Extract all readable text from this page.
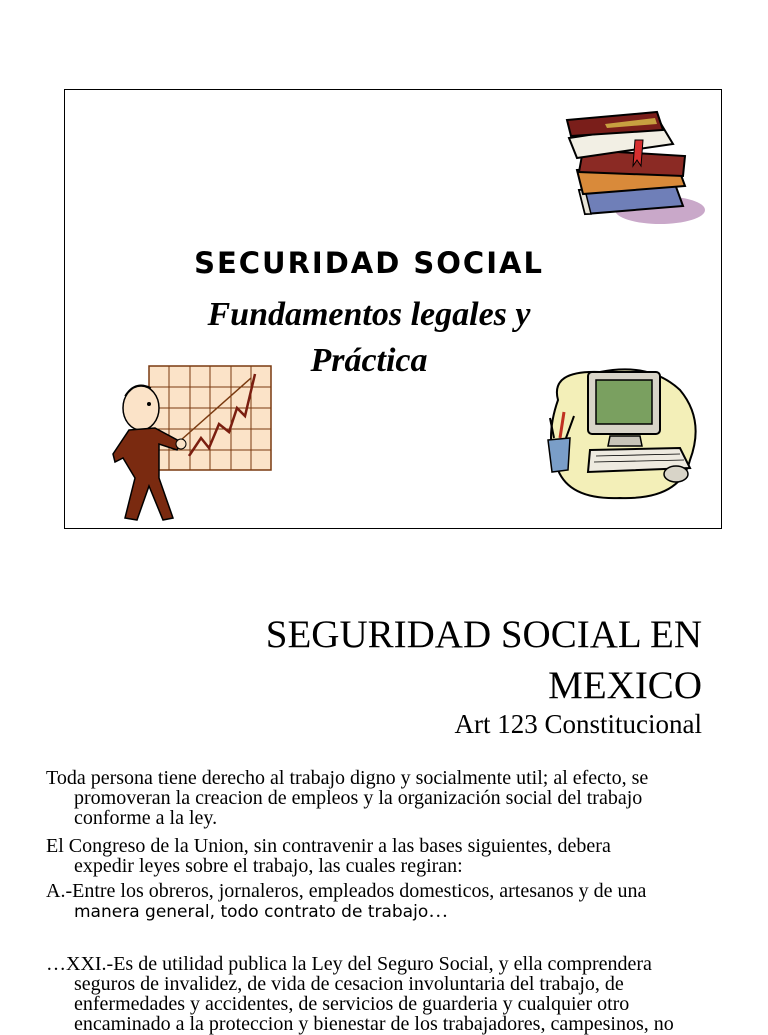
SECURIDAD SOCIAL
Fundamentos legales y
Práctica
SEGURIDAD SOCIAL EN
MEXICO
Art 123 Constitucional
Toda persona tiene derecho al trabajo digno y socialmente util; al efecto, se
promoveran la creacion de empleos y la organización social del trabajo
conforme a la ley.
El Congreso de la Union, sin contravenir a las bases siguientes, debera
expedir leyes sobre el trabajo, las cuales regiran:
A.-Entre los obreros, jornaleros, empleados domesticos, artesanos y de una
manera general, todo contrato de trabajo…
…XXI.-Es de utilidad publica la Ley del Seguro Social, y ella comprendera
seguros de invalidez, de vida de cesacion involuntaria del trabajo, de
enfermedades y accidentes, de servicios de guarderia y cualquier otro
encaminado a la proteccion y bienestar de los trabajadores, campesinos, no
